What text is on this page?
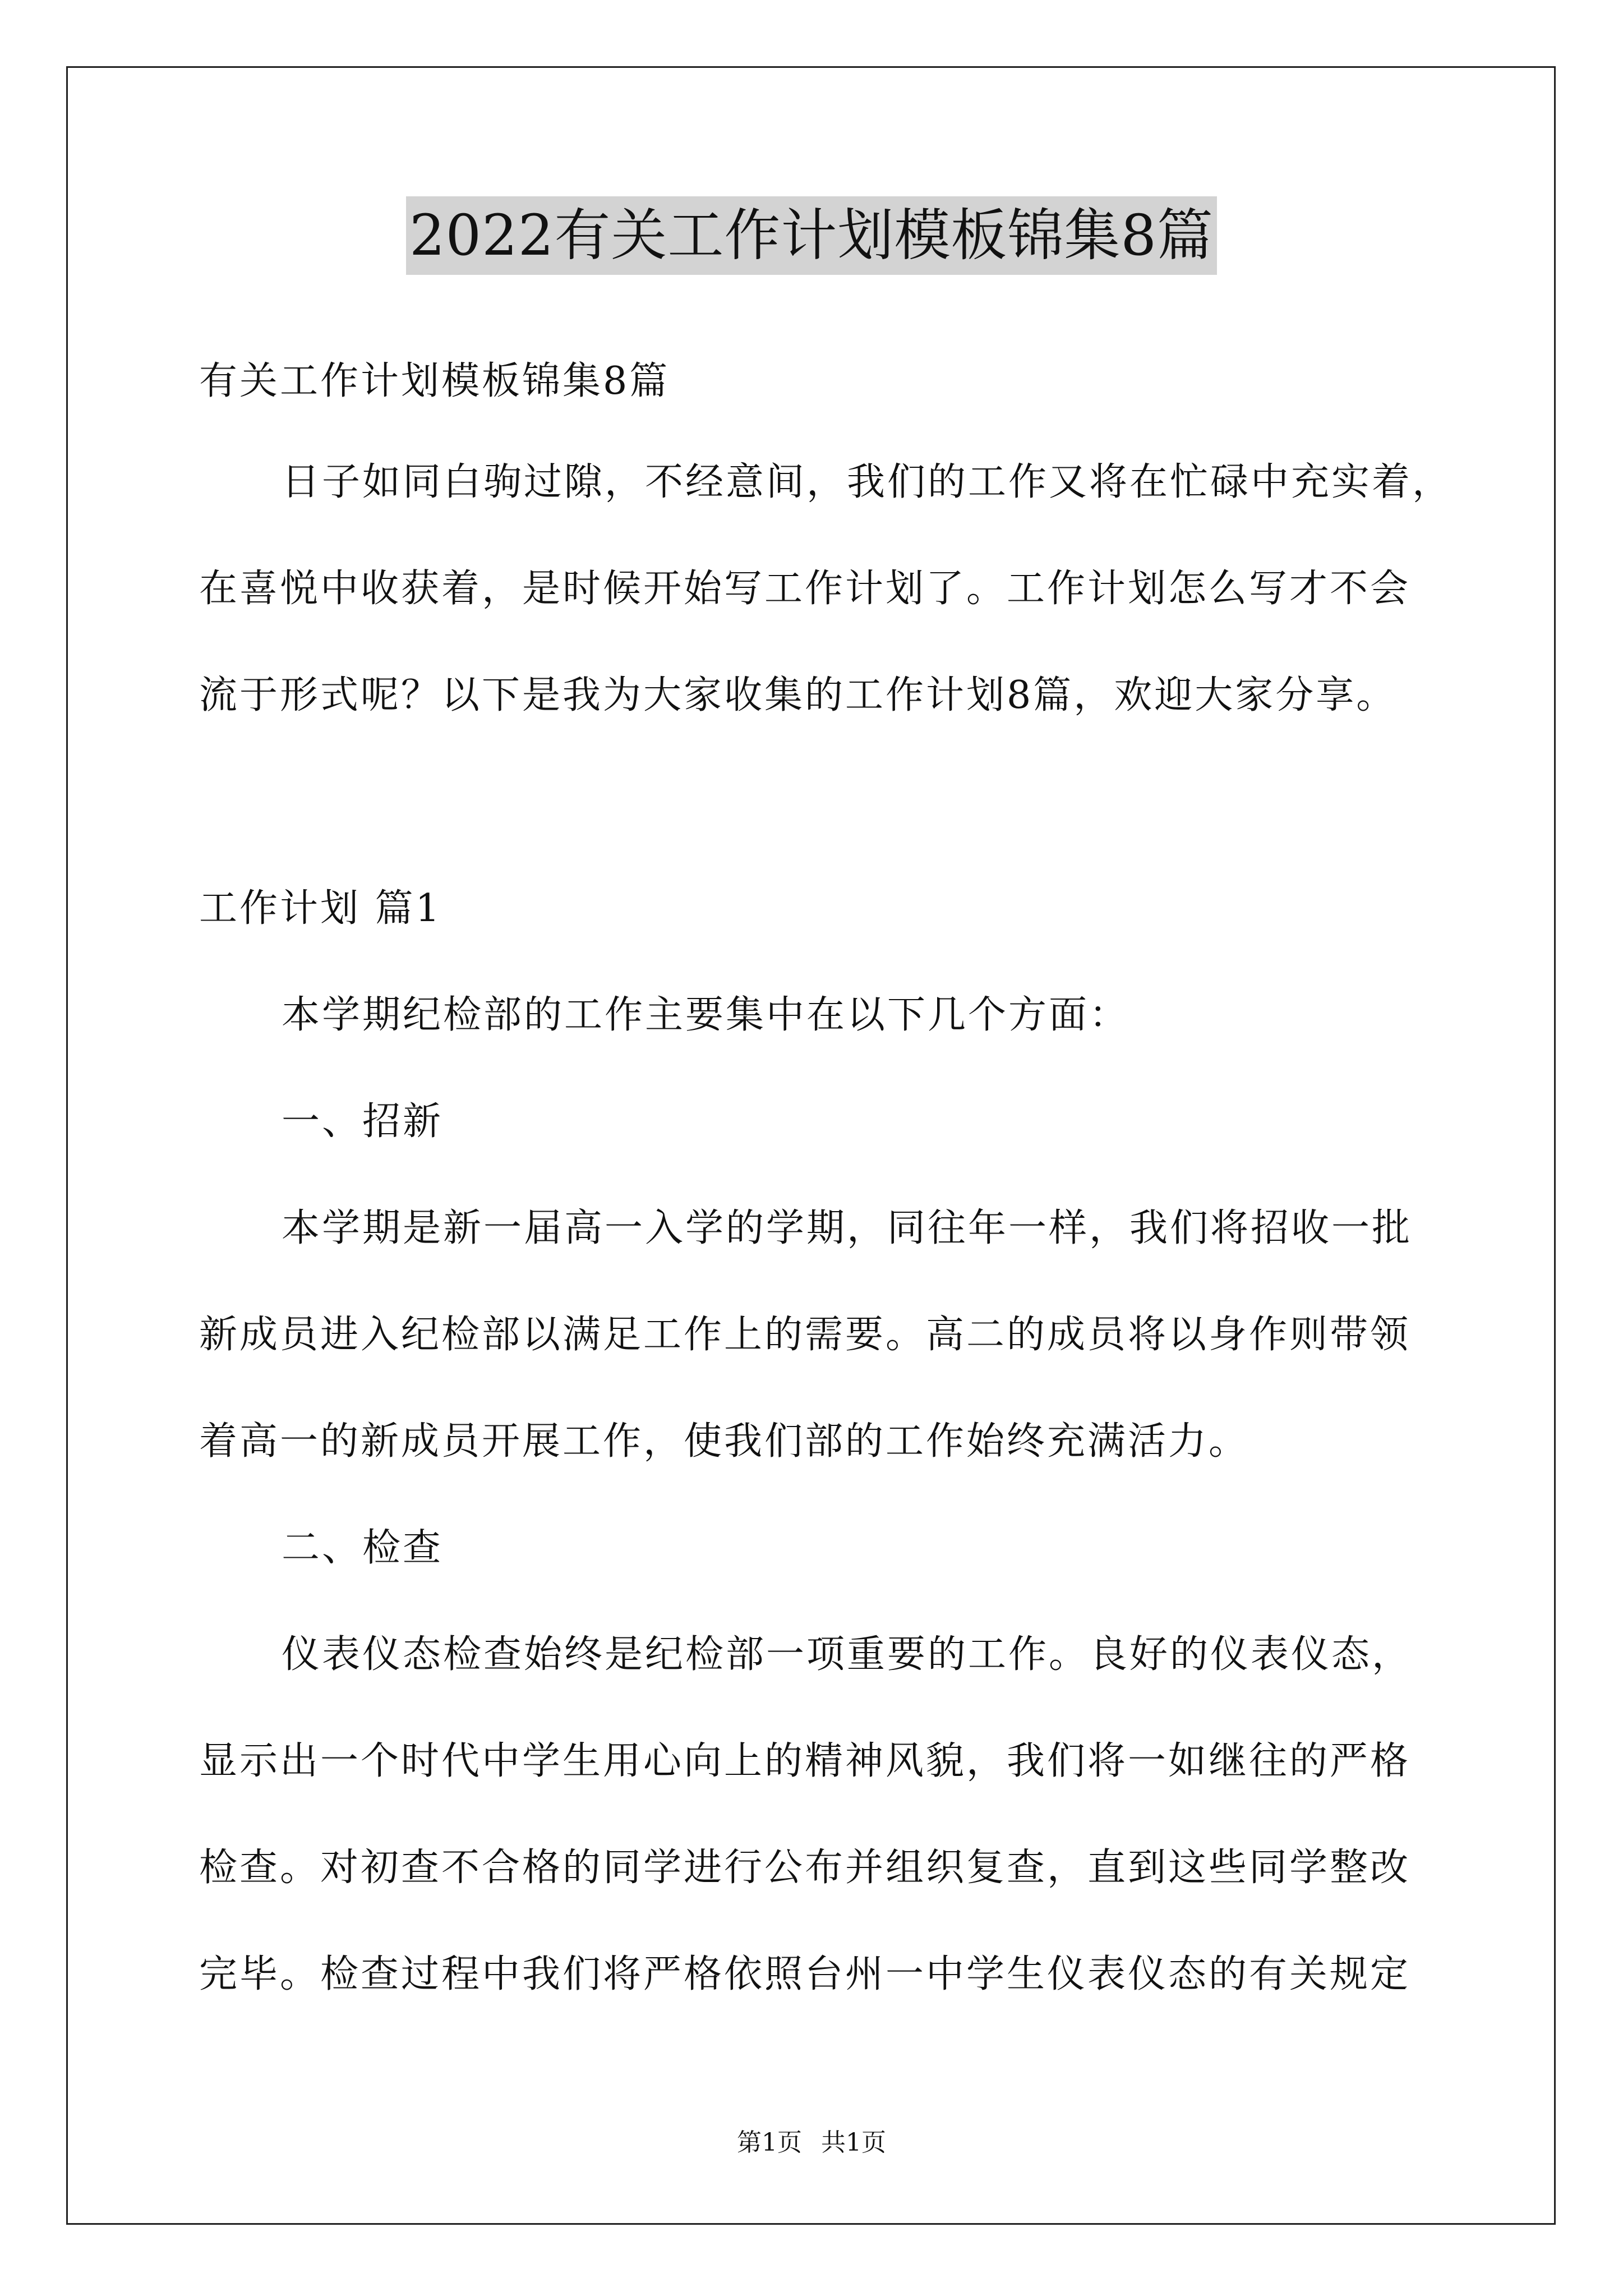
2022有关工作计划模板锦集8篇
有关工作计划模板锦集8篇
日子如同白驹过隙，不经意间，我们的工作又将在忙碌中充实着，
在喜悦中收获着，是时候开始写工作计划了。工作计划怎么写才不会
流于形式呢？以下是我为大家收集的工作计划8篇，欢迎大家分享。
工作计划 篇1
本学期纪检部的工作主要集中在以下几个方面：
一、招新
本学期是新一届高一入学的学期，同往年一样，我们将招收一批
新成员进入纪检部以满足工作上的需要。高二的成员将以身作则带领
着高一的新成员开展工作，使我们部的工作始终充满活力。
二、检查
仪表仪态检查始终是纪检部一项重要的工作。良好的仪表仪态，
显示出一个时代中学生用心向上的精神风貌，我们将一如继往的严格
检查。对初查不合格的同学进行公布并组织复查，直到这些同学整改
完毕。检查过程中我们将严格依照台州一中学生仪表仪态的有关规定
第1页 共1页
